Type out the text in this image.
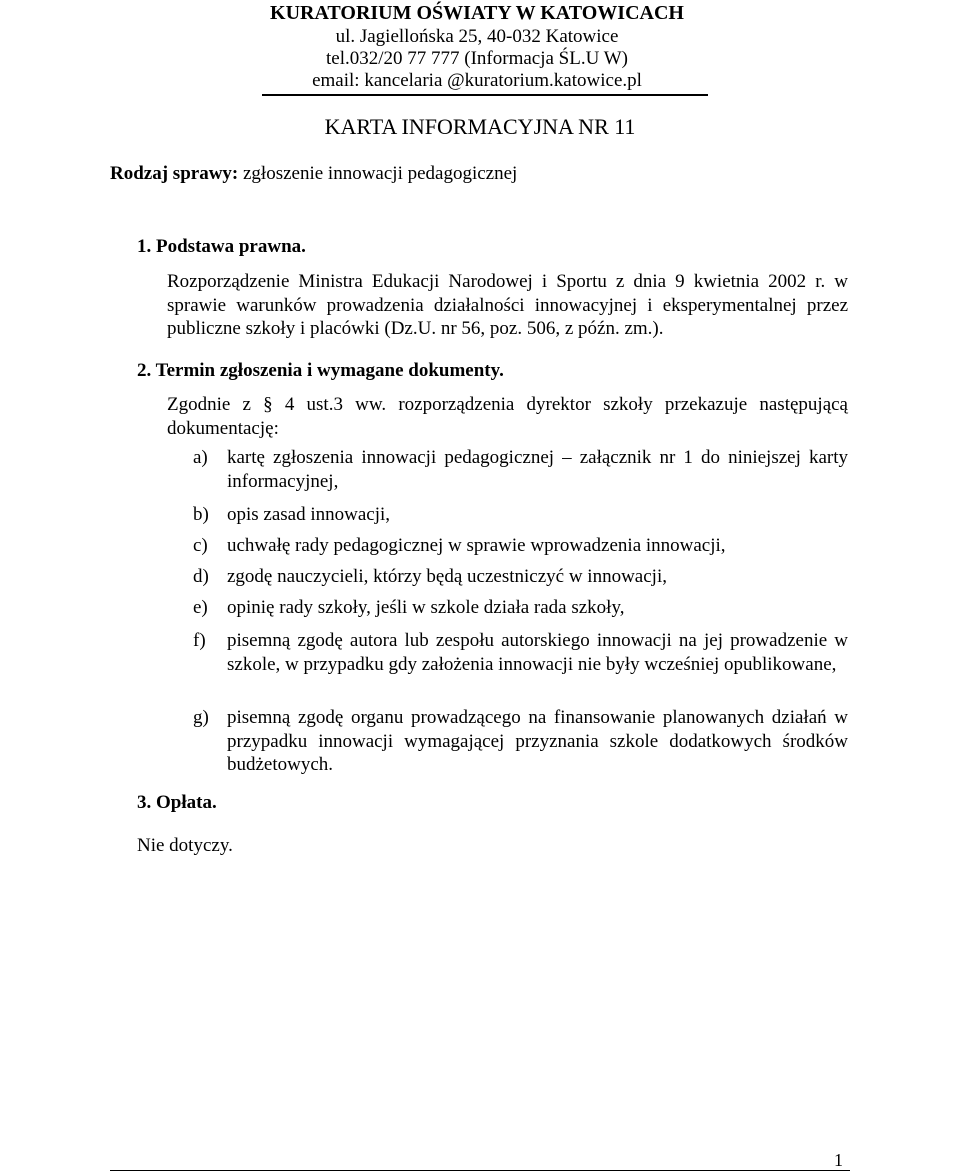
KURATORIUM OŚWIATY W KATOWICACH
ul. Jagiellońska 25, 40-032 Katowice
tel.032/20 77 777 (Informacja ŚL.U W)
email: kancelaria @kuratorium.katowice.pl
KARTA INFORMACYJNA NR 11
Rodzaj sprawy: zgłoszenie innowacji pedagogicznej
1. Podstawa prawna.
Rozporządzenie Ministra Edukacji Narodowej i Sportu z dnia 9 kwietnia 2002 r. w sprawie warunków prowadzenia działalności innowacyjnej i eksperymentalnej przez publiczne szkoły i placówki (Dz.U. nr 56, poz. 506, z późn. zm.).
2. Termin zgłoszenia i wymagane dokumenty.
Zgodnie z § 4 ust.3 ww. rozporządzenia dyrektor szkoły przekazuje następującą dokumentację:
a) kartę zgłoszenia innowacji pedagogicznej – załącznik nr 1 do niniejszej karty informacyjnej,
b) opis zasad innowacji,
c) uchwałę rady pedagogicznej w sprawie wprowadzenia innowacji,
d) zgodę nauczycieli, którzy będą uczestniczyć w innowacji,
e) opinię rady szkoły, jeśli w szkole działa rada szkoły,
f) pisemną zgodę autora lub zespołu autorskiego innowacji na jej prowadzenie w szkole, w przypadku gdy założenia innowacji nie były wcześniej opublikowane,
g) pisemną zgodę organu prowadzącego na finansowanie planowanych działań w przypadku innowacji wymagającej przyznania szkole dodatkowych środków budżetowych.
3. Opłata.
Nie dotyczy.
1
